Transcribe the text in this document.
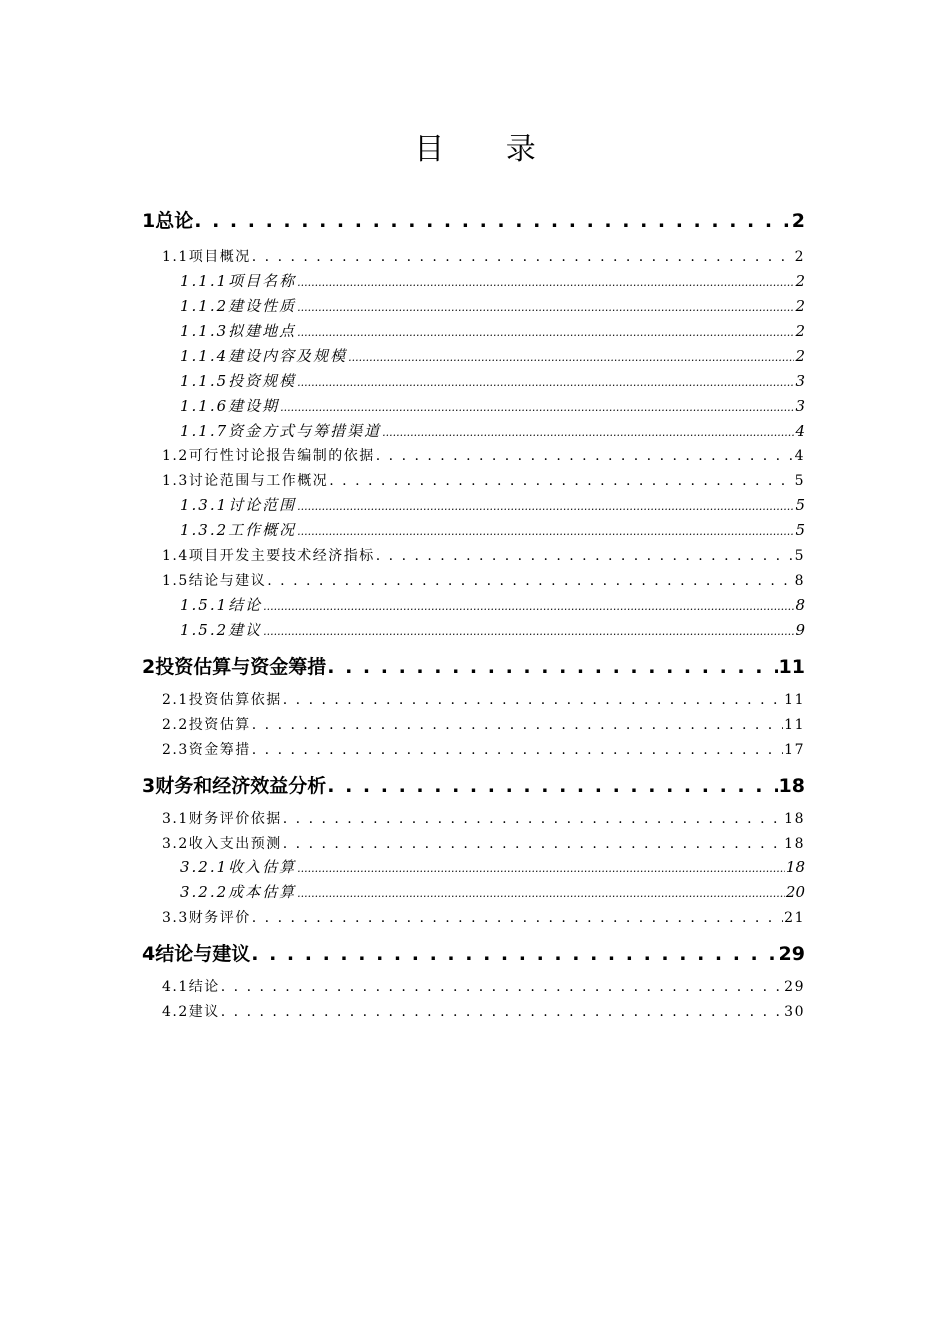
目 录
1 总论 . . .	2
1.1项目概况 . . .	2
1.1.1项目名称 .....	2
1.1.2建设性质 .....	2
1.1.3拟建地点 .....	2
1.1.4建设内容及规模 .....	2
1.1.5投资规模 .....	3
1.1.6建设期 .....	3
1.1.7资金方式与筹措渠道 .....	4
1.2可行性讨论报告编制的依据 . . .	4
1.3讨论范围与工作概况 . . .	5
1.3.1讨论范围 .....	5
1.3.2工作概况 .....	5
1.4项目开发主要技术经济指标 . . .	5
1.5结论与建议 . . .	8
1.5.1结论 .....	8
1.5.2建议 .....	9
2 投资估算与资金筹措 . . .	11
2.1投资估算依据 . . .	11
2.2投资估算 . . .	11
2.3资金筹措 . . .	17
3 财务和经济效益分析 . . .	18
3.1财务评价依据 . . .	18
3.2收入支出预测 . . .	18
3.2.1收入估算 .....	18
3.2.2成本估算 .....	20
3.3财务评价 . . .	21
4 结论与建议 . . .	29
4.1结论 . . .	29
4.2建议 . . .	30
